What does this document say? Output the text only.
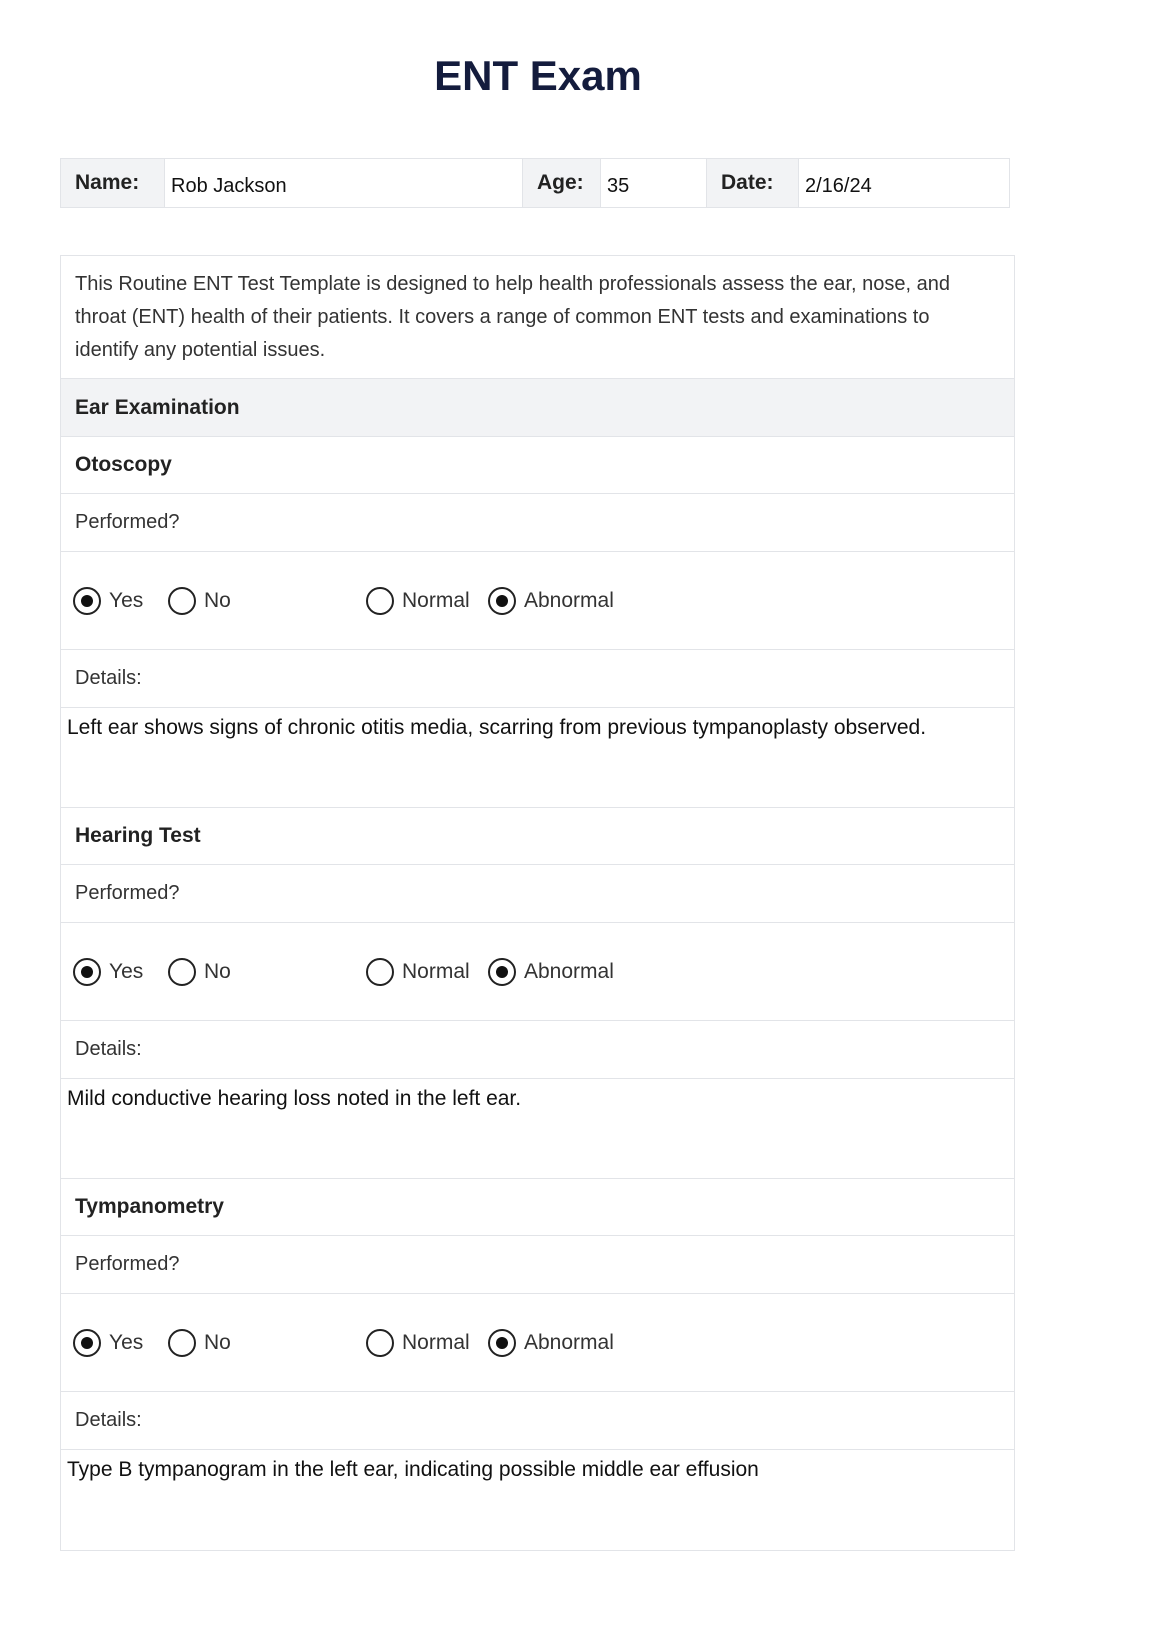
ENT Exam
Name:	Rob Jackson	Age:	35	Date:	2/16/24
This Routine ENT Test Template is designed to help health professionals assess the ear, nose, and throat (ENT) health of their patients. It covers a range of common ENT tests and examinations to identify any potential issues.
Ear Examination
Otoscopy
Performed?
Yes	No	Normal	Abnormal
Details:
Left ear shows signs of chronic otitis media, scarring from previous tympanoplasty observed.
Hearing Test
Performed?
Yes	No	Normal	Abnormal
Details:
Mild conductive hearing loss noted in the left ear.
Tympanometry
Performed?
Yes	No	Normal	Abnormal
Details:
Type B tympanogram in the left ear, indicating possible middle ear effusion
